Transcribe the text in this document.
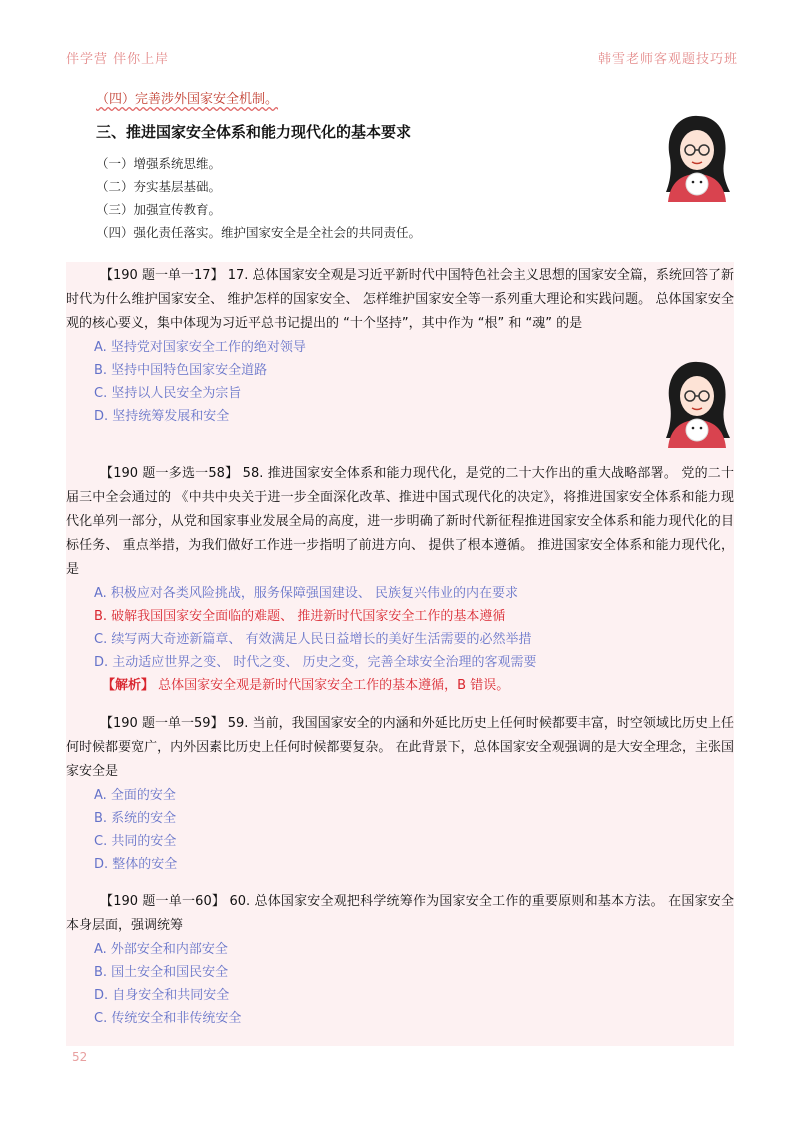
伴学营 伴你上岸	韩雪老师客观题技巧班
（四）完善涉外国家安全机制。
三、推进国家安全体系和能力现代化的基本要求
（一）增强系统思维。
（二）夯实基层基础。
（三）加强宣传教育。
（四）强化责任落实。维护国家安全是全社会的共同责任。
【190 题一单一17】 17. 总体国家安全观是习近平新时代中国特色社会主义思想的国家安全篇，系统回答了新时代为什么维护国家安全、 维护怎样的国家安全、 怎样维护国家安全等一系列重大理论和实践问题。 总体国家安全观的核心要义，集中体现为习近平总书记提出的 “十个坚持”，其中作为 “根” 和 “魂” 的是
A. 坚持党对国家安全工作的绝对领导
B. 坚持中国特色国家安全道路
C. 坚持以人民安全为宗旨
D. 坚持统筹发展和安全
【190 题一多选一58】 58. 推进国家安全体系和能力现代化，是党的二十大作出的重大战略部署。 党的二十届三中全会通过的 《中共中央关于进一步全面深化改革、推进中国式现代化的决定》，将推进国家安全体系和能力现代化单列一部分，从党和国家事业发展全局的高度，进一步明确了新时代新征程推进国家安全体系和能力现代化的目标任务、 重点举措，为我们做好工作进一步指明了前进方向、 提供了根本遵循。 推进国家安全体系和能力现代化，是
A. 积极应对各类风险挑战，服务保障强国建设、 民族复兴伟业的内在要求
B. 破解我国国家安全面临的难题、 推进新时代国家安全工作的基本遵循
C. 续写两大奇迹新篇章、 有效满足人民日益增长的美好生活需要的必然举措
D. 主动适应世界之变、 时代之变、 历史之变，完善全球安全治理的客观需要
【解析】 总体国家安全观是新时代国家安全工作的基本遵循，B 错误。
【190 题一单一59】 59. 当前，我国国家安全的内涵和外延比历史上任何时候都要丰富，时空领域比历史上任何时候都要宽广，内外因素比历史上任何时候都要复杂。 在此背景下，总体国家安全观强调的是大安全理念，主张国家安全是
A. 全面的安全
B. 系统的安全
C. 共同的安全
D. 整体的安全
【190 题一单一60】 60. 总体国家安全观把科学统筹作为国家安全工作的重要原则和基本方法。 在国家安全本身层面，强调统筹
A. 外部安全和内部安全
B. 国土安全和国民安全
D. 自身安全和共同安全
C. 传统安全和非传统安全
52
